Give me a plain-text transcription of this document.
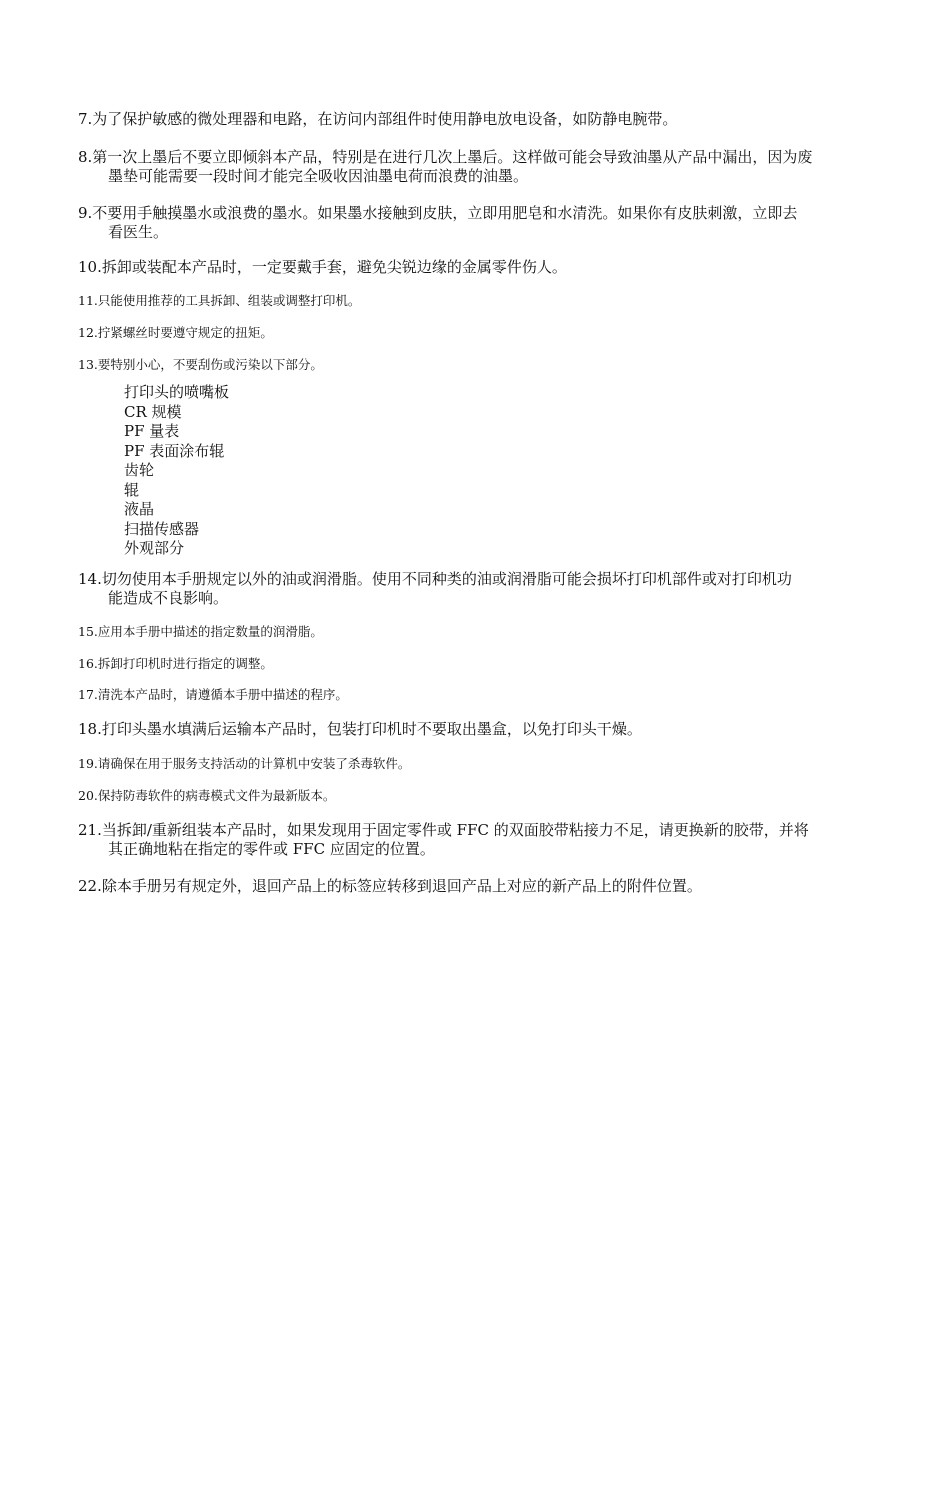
7.为了保护敏感的微处理器和电路，在访问内部组件时使用静电放电设备，如防静电腕带。
8.第一次上墨后不要立即倾斜本产品，特别是在进行几次上墨后。这样做可能会导致油墨从产品中漏出，因为废
墨垫可能需要一段时间才能完全吸收因油墨电荷而浪费的油墨。
9.不要用手触摸墨水或浪费的墨水。如果墨水接触到皮肤，立即用肥皂和水清洗。如果你有皮肤刺激，立即去
看医生。
10.拆卸或装配本产品时，一定要戴手套，避免尖锐边缘的金属零件伤人。
11.只能使用推荐的工具拆卸、组装或调整打印机。
12.拧紧螺丝时要遵守规定的扭矩。
13.要特别小心，不要刮伤或污染以下部分。
打印头的喷嘴板
CR 规模
PF 量表
PF 表面涂布辊
齿轮
辊
液晶
扫描传感器
外观部分
14.切勿使用本手册规定以外的油或润滑脂。使用不同种类的油或润滑脂可能会损坏打印机部件或对打印机功
能造成不良影响。
15.应用本手册中描述的指定数量的润滑脂。
16.拆卸打印机时进行指定的调整。
17.清洗本产品时，请遵循本手册中描述的程序。
18.打印头墨水填满后运输本产品时，包装打印机时不要取出墨盒，以免打印头干燥。
19.请确保在用于服务支持活动的计算机中安装了杀毒软件。
20.保持防毒软件的病毒模式文件为最新版本。
21.当拆卸/重新组装本产品时，如果发现用于固定零件或 FFC 的双面胶带粘接力不足，请更换新的胶带，并将
其正确地粘在指定的零件或 FFC 应固定的位置。
22.除本手册另有规定外，退回产品上的标签应转移到退回产品上对应的新产品上的附件位置。
